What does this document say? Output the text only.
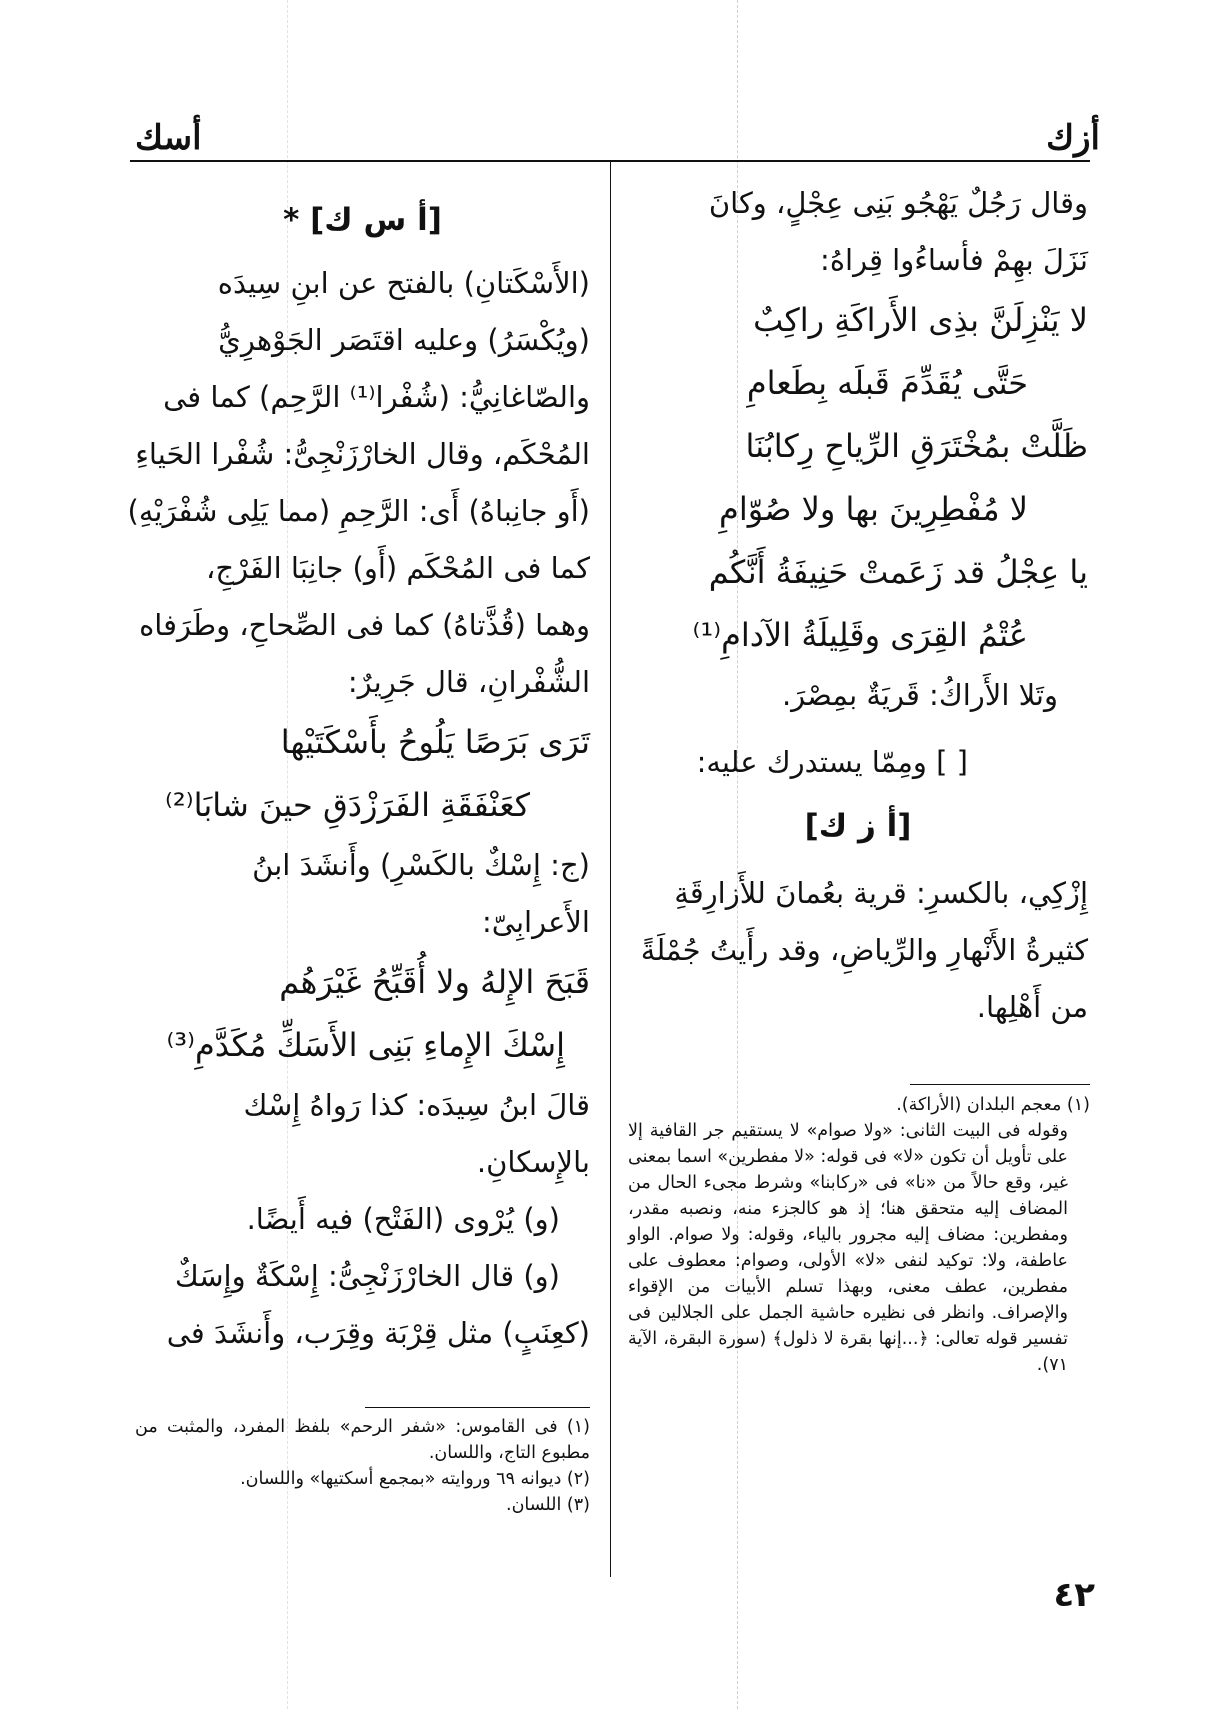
أسك	أزك
وقال رَجُلٌ يَهْجُو بَنِى عِجْلٍ، وكانَ
نَزَلَ بهِمْ فأساءُوا قِراهُ:
لا يَنْزِلَنَّ بذِى الأَراكَةِ راكِبٌ
حَتَّى يُقَدِّمَ قَبلَه بِطَعامِ
ظَلَّتْ بمُخْتَرَقِ الرِّياحِ رِكابُنَا
لا مُفْطِرِينَ بها ولا صُوّامِ
يا عِجْلُ قد زَعَمتْ حَنِيفَةُ أَنَّكُم
عُتْمُ القِرَى وقَلِيلَةُ الآدامِ⁽¹⁾
وتَلا الأَراكُ: قَريَةٌ بمِصْرَ.
[ ] ومِمّا يستدرك عليه:
[أ ز ك]
إِزْكِي، بالكسرِ: قرية بعُمانَ للأَزارِقَةِ
كثيرةُ الأَنْهارِ والرِّياضِ، وقد رأَيتُ جُمْلَةً
من أَهْلِها.
[أ س ك] *
(الأَسْكَتانِ) بالفتح عن ابنِ سِيدَه
(ويُكْسَرُ) وعليه اقتَصَر الجَوْهرِيُّ
والصّاغانِيُّ: (شُفْرا⁽¹⁾ الرَّحِم) كما فى
المُحْكَم، وقال الخارْزَنْجِىُّ: شُفْرا الحَياءِ
(أَو جانِباهُ) أَى: الرَّحِمِ (مما يَلِى شُفْرَيْهِ)
كما فى المُحْكَم (أَو) جانِبَا الفَرْجِ،
وهما (قُذَّتاهُ) كما فى الصِّحاحِ، وطَرَفاه
الشُّفْرانِ، قال جَرِيرٌ:
تَرَى بَرَصًا يَلُوحُ بأَسْكَتَيْها
كعَنْفَقَةِ الفَرَزْدَقِ حينَ شابَا⁽²⁾
(ج: إِسْكٌ بالكَسْرِ) وأَنشَدَ ابنُ
الأَعرابِىّ:
قَبَحَ الإِلهُ ولا أُقَبِّحُ غَيْرَهُم
إِسْكَ الإِماءِ بَنِى الأَسَكِّ مُكَدَّمِ⁽³⁾
قالَ ابنُ سِيدَه: كذا رَواهُ إِسْك
بالإِسكانِ.
(و) يُرْوى (الفَتْح) فيه أَيضًا.
(و) قال الخارْزَنْجِىُّ: إِسْكَةٌ وإِسَكٌ
(كعِنَبٍ) مثل قِرْبَة وقِرَب، وأَنشَدَ فى
(١) معجم البلدان (الأراكة).
وقوله فى البيت الثانى: «ولا صوام» لا يستقيم جر القافية إلا على تأويل أن تكون «لا» فى قوله: «لا مفطرين» اسما بمعنى غير، وقع حالاً من «نا» فى «ركابنا» وشرط مجىء الحال من المضاف إليه متحقق هنا؛ إذ هو كالجزء منه، ونصبه مقدر، ومفطرين: مضاف إليه مجرور بالياء، وقوله: ولا صوام. الواو عاطفة، ولا: توكيد لنفى «لا» الأولى، وصوام: معطوف على مفطرين، عطف معنى، وبهذا تسلم الأبيات من الإقواء والإصراف. وانظر فى نظيره حاشية الجمل على الجلالين فى تفسير قوله تعالى: ﴿...إنها بقرة لا ذلول﴾ (سورة البقرة، الآية ٧١).
(١) فى القاموس: «شفر الرحم» بلفظ المفرد، والمثبت من مطبوع التاج، واللسان.
(٢) ديوانه ٦٩ وروايته «بمجمع أسكتيها» واللسان.
(٣) اللسان.
٤٢
